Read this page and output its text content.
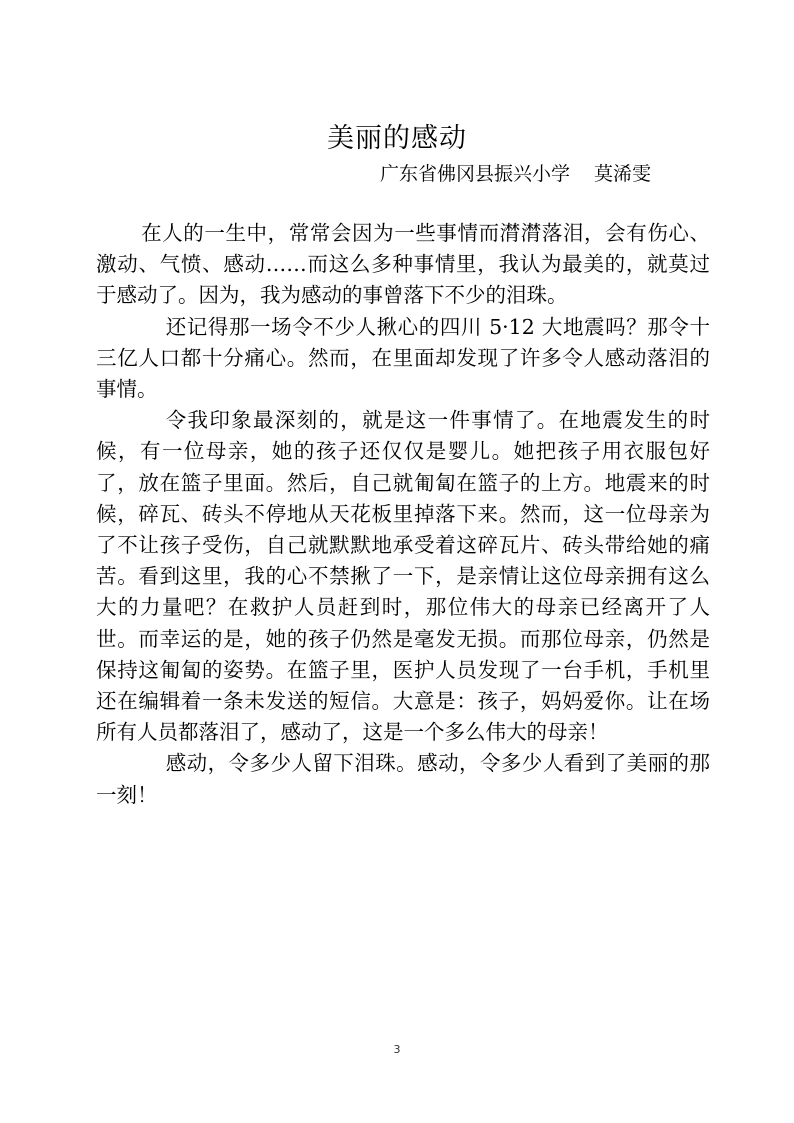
美丽的感动
广东省佛冈县振兴小学 莫浠雯

在人的一生中，常常会因为一些事情而潸潸落泪，会有伤心、激动、气愤、感动……而这么多种事情里，我认为最美的，就莫过于感动了。因为，我为感动的事曾落下不少的泪珠。

还记得那一场令不少人揪心的四川 5·12 大地震吗？那令十三亿人口都十分痛心。然而，在里面却发现了许多令人感动落泪的事情。

令我印象最深刻的，就是这一件事情了。在地震发生的时候，有一位母亲，她的孩子还仅仅是婴儿。她把孩子用衣服包好了，放在篮子里面。然后，自己就匍匐在篮子的上方。地震来的时候，碎瓦、砖头不停地从天花板里掉落下来。然而，这一位母亲为了不让孩子受伤，自己就默默地承受着这碎瓦片、砖头带给她的痛苦。看到这里，我的心不禁揪了一下，是亲情让这位母亲拥有这么大的力量吧？在救护人员赶到时，那位伟大的母亲已经离开了人世。而幸运的是，她的孩子仍然是毫发无损。而那位母亲，仍然是保持这匍匐的姿势。在篮子里，医护人员发现了一台手机，手机里还在编辑着一条未发送的短信。大意是：孩子，妈妈爱你。让在场所有人员都落泪了，感动了，这是一个多么伟大的母亲！

感动，令多少人留下泪珠。感动，令多少人看到了美丽的那一刻！

3
